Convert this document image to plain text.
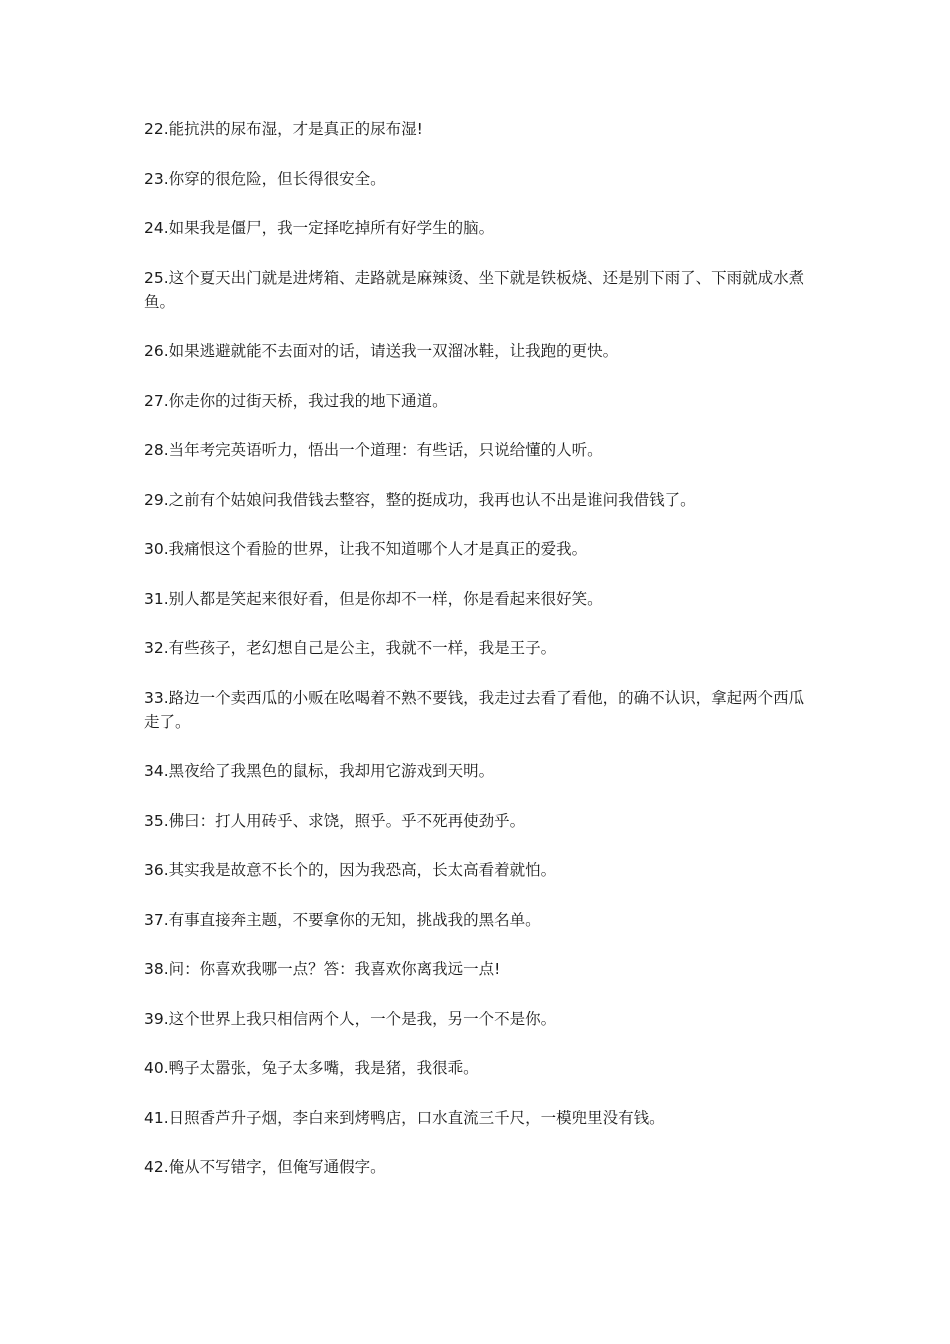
22.能抗洪的尿布湿，才是真正的尿布湿!

23.你穿的很危险，但长得很安全。

24.如果我是僵尸，我一定择吃掉所有好学生的脑。

25.这个夏天出门就是进烤箱、走路就是麻辣烫、坐下就是铁板烧、还是别下雨了、下雨就成水煮鱼。

26.如果逃避就能不去面对的话，请送我一双溜冰鞋，让我跑的更快。

27.你走你的过街天桥，我过我的地下通道。

28.当年考完英语听力，悟出一个道理：有些话，只说给懂的人听。

29.之前有个姑娘问我借钱去整容，整的挺成功，我再也认不出是谁问我借钱了。

30.我痛恨这个看脸的世界，让我不知道哪个人才是真正的爱我。

31.别人都是笑起来很好看，但是你却不一样，你是看起来很好笑。

32.有些孩子，老幻想自己是公主，我就不一样，我是王子。

33.路边一个卖西瓜的小贩在吆喝着不熟不要钱，我走过去看了看他，的确不认识，拿起两个西瓜走了。

34.黑夜给了我黑色的鼠标，我却用它游戏到天明。

35.佛曰：打人用砖乎、求饶，照乎。乎不死再使劲乎。

36.其实我是故意不长个的，因为我恐高，长太高看着就怕。

37.有事直接奔主题，不要拿你的无知，挑战我的黑名单。

38.问：你喜欢我哪一点？答：我喜欢你离我远一点!

39.这个世界上我只相信两个人，一个是我，另一个不是你。

40.鸭子太嚣张，兔子太多嘴，我是猪，我很乖。

41.日照香芦升子烟，李白来到烤鸭店，口水直流三千尺，一模兜里没有钱。

42.俺从不写错字，但俺写通假字。
